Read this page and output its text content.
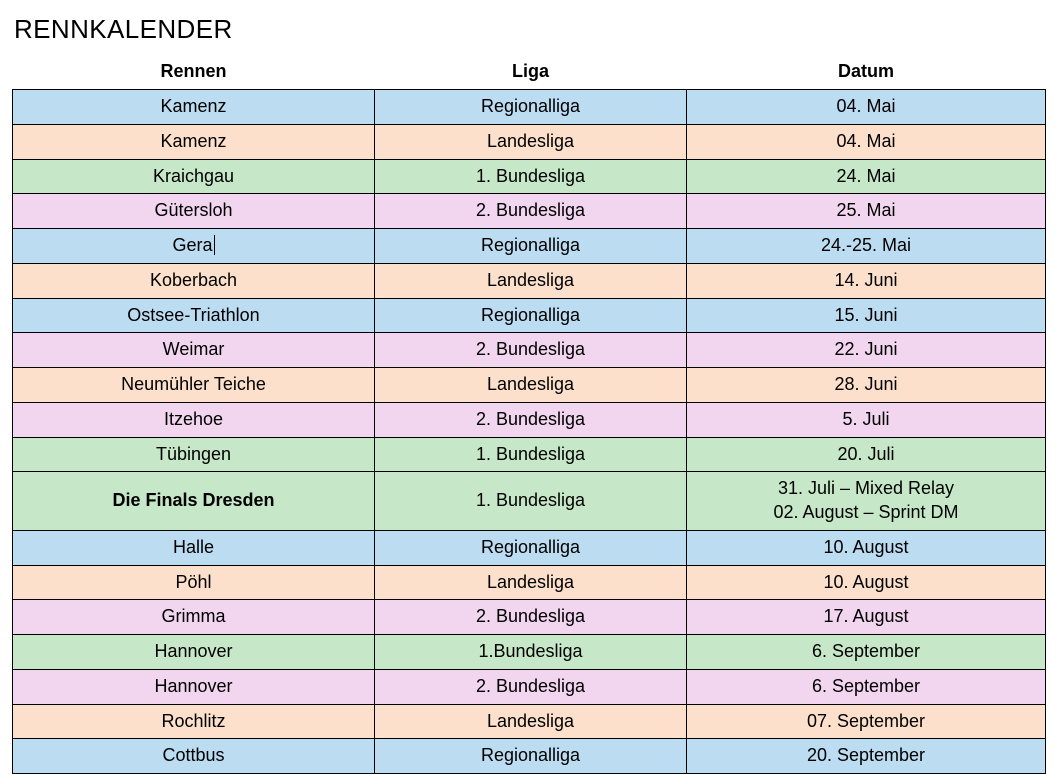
RENNKALENDER
Rennen	Liga	Datum
Kamenz	Regionalliga	04. Mai
Kamenz	Landesliga	04. Mai
Kraichgau	1. Bundesliga	24. Mai
Gütersloh	2. Bundesliga	25. Mai
Gera	Regionalliga	24.-25. Mai
Koberbach	Landesliga	14. Juni
Ostsee-Triathlon	Regionalliga	15. Juni
Weimar	2. Bundesliga	22. Juni
Neumühler Teiche	Landesliga	28. Juni
Itzehoe	2. Bundesliga	5. Juli
Tübingen	1. Bundesliga	20. Juli
Die Finals Dresden	1. Bundesliga	31. Juli – Mixed Relay
02. August – Sprint DM

Halle	Regionalliga	10. August
Pöhl	Landesliga	10. August
Grimma	2. Bundesliga	17. August
Hannover	1.Bundesliga	6. September
Hannover	2. Bundesliga	6. September
Rochlitz	Landesliga	07. September
Cottbus	Regionalliga	20. September
